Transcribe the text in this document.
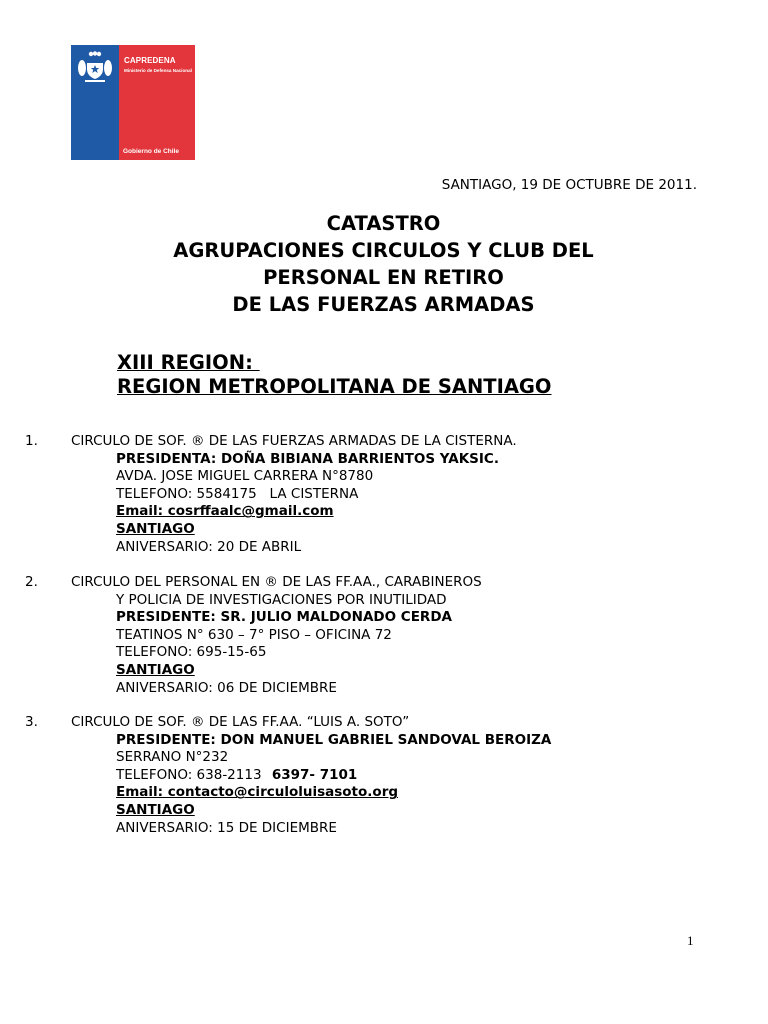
CAPREDENA
Ministerio de Defensa Nacional
Gobierno de Chile
SANTIAGO, 19 DE OCTUBRE DE 2011.
CATASTRO
AGRUPACIONES CIRCULOS Y CLUB DEL
PERSONAL EN RETIRO
DE LAS FUERZAS ARMADAS
XIII REGION:
REGION METROPOLITANA DE SANTIAGO
1. CIRCULO DE SOF. ® DE LAS FUERZAS ARMADAS DE LA CISTERNA.
PRESIDENTA: DOÑA BIBIANA BARRIENTOS YAKSIC.
AVDA. JOSE MIGUEL CARRERA N°8780
TELEFONO: 5584175   LA CISTERNA
Email: cosrffaalc@gmail.com
SANTIAGO
ANIVERSARIO: 20 DE ABRIL
2. CIRCULO DEL PERSONAL EN ® DE LAS FF.AA., CARABINEROS
Y POLICIA DE INVESTIGACIONES POR INUTILIDAD
PRESIDENTE: SR. JULIO MALDONADO CERDA
TEATINOS N° 630 – 7° PISO – OFICINA 72
TELEFONO: 695-15-65
SANTIAGO
ANIVERSARIO: 06 DE DICIEMBRE
3. CIRCULO DE SOF. ® DE LAS FF.AA. “LUIS A. SOTO”
PRESIDENTE: DON MANUEL GABRIEL SANDOVAL BEROIZA
SERRANO N°232
TELEFONO: 638-2113 6397- 7101
Email: contacto@circuloluisasoto.org
SANTIAGO
ANIVERSARIO: 15 DE DICIEMBRE
1
